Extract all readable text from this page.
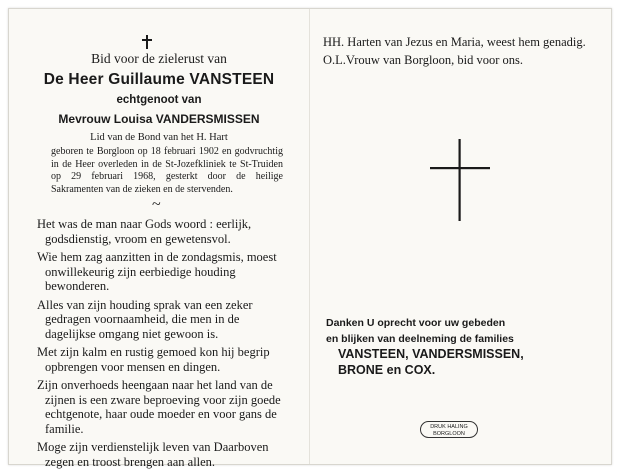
Bid voor de zielerust van
De Heer Guillaume VANSTEEN
echtgenoot van
Mevrouw Louisa VANDERSMISSEN
Lid van de Bond van het H. Hart
geboren te Borgloon op 18 februari 1902 en godvruchtig in de Heer overleden in de St-Jozefkliniek te St-Truiden op 29 februari 1968, gesterkt door de heilige Sakramenten van de zieken en de stervenden.
~

Het was de man naar Gods woord : eerlijk, godsdienstig, vroom en gewetensvol.

Wie hem zag aanzitten in de zondagsmis, moest onwillekeurig zijn eerbiedige houding bewonderen.

Alles van zijn houding sprak van een zeker gedragen voornaamheid, die men in de dagelijkse omgang niet gewoon is.

Met zijn kalm en rustig gemoed kon hij begrip opbrengen voor mensen en dingen.

Zijn onverhoeds heengaan naar het land van de zijnen is een zware beproeving voor zijn goede echtgenote, haar oude moeder en voor gans de familie.

Moge zijn verdienstelijk leven van Daarboven zegen en troost brengen aan allen.

HH. Harten van Jezus en Maria, weest hem genadig.

O.L.Vrouw van Borgloon, bid voor ons.

Danken U oprecht voor uw gebeden
en blijken van deelneming de families
VANSTEEN, VANDERSMISSEN,
BRONE en COX.
DRUK HALING
BORGLOON
